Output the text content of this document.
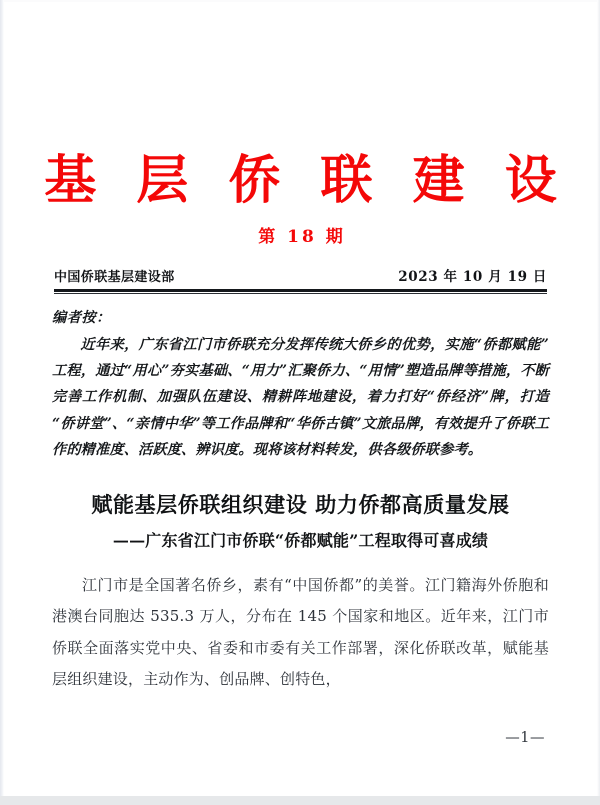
基 层 侨 联 建 设
第 18 期
中国侨联基层建设部	2023 年 10 月 19 日
编者按：
近年来，广东省江门市侨联充分发挥传统大侨乡的优势，实施“侨都赋能”工程，通过“用心”夯实基础、“用力”汇聚侨力、“用情”塑造品牌等措施，不断完善工作机制、加强队伍建设、精耕阵地建设，着力打好“侨经济”牌，打造“侨讲堂”、“亲情中华”等工作品牌和“华侨古镇”文旅品牌，有效提升了侨联工作的精准度、活跃度、辨识度。现将该材料转发，供各级侨联参考。
赋能基层侨联组织建设 助力侨都高质量发展
——广东省江门市侨联“侨都赋能”工程取得可喜成绩

江门市是全国著名侨乡，素有“中国侨都”的美誉。江门籍海外侨胞和港澳台同胞达 535.3 万人，分布在 145 个国家和地区。近年来，江门市侨联全面落实党中央、省委和市委有关工作部署，深化侨联改革，赋能基层组织建设，主动作为、创品牌、创特色，

—1—
